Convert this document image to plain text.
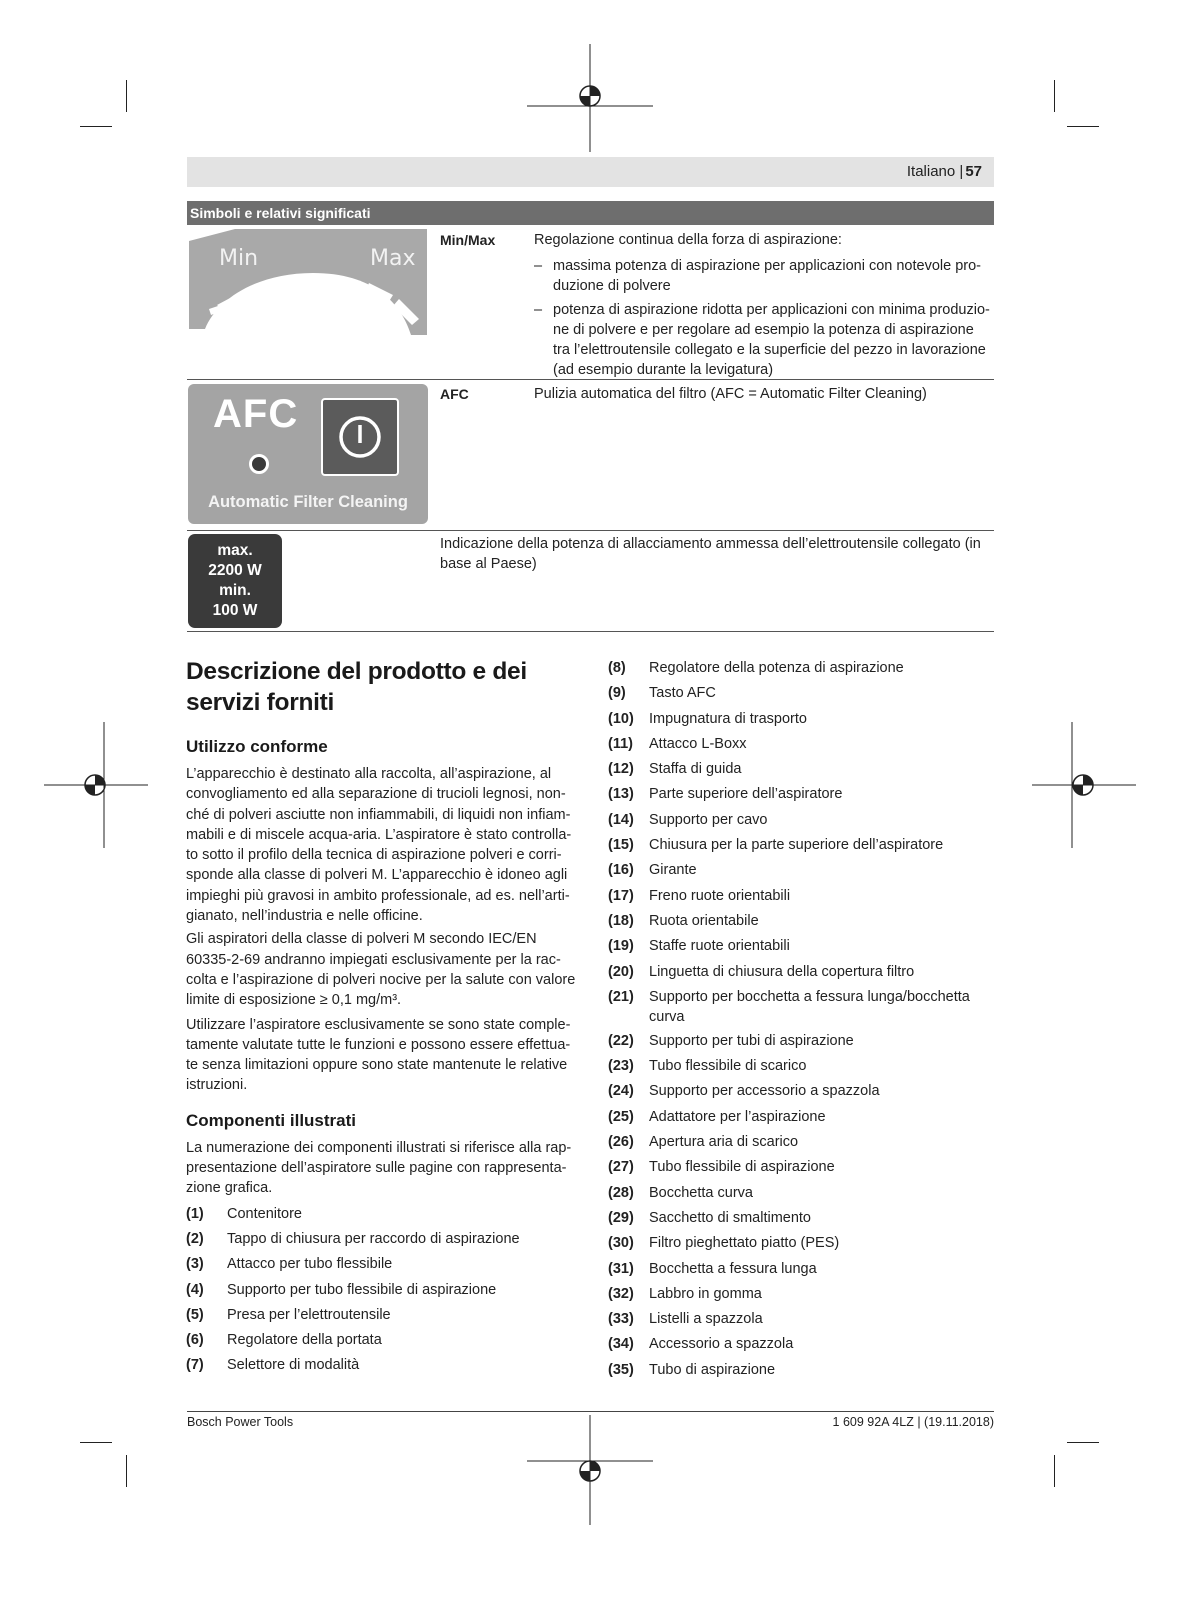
Italiano | 57
Simboli e relativi significati
Min	Max
Min/Max	Regolazione continua della forza di aspirazione:
– massima potenza di aspirazione per applicazioni con notevole pro- duzione di polvere
– potenza di aspirazione ridotta per applicazioni con minima produzio- ne di polvere e per regolare ad esempio la potenza di aspirazione tra l’elettroutensile collegato e la superficie del pezzo in lavorazione (ad esempio durante la levigatura)
AFC
Automatic Filter Cleaning
AFC	Pulizia automatica del filtro (AFC = Automatic Filter Cleaning)
max.
2200 W
min.
100 W
Indicazione della potenza di allacciamento ammessa dell’elettroutensile collegato (in base al Paese)
Descrizione del prodotto e dei servizi forniti
Utilizzo conforme

L’apparecchio è destinato alla raccolta, all’aspirazione, al convogliamento ed alla separazione di trucioli legnosi, non- ché di polveri asciutte non infiammabili, di liquidi non infiam- mabili e di miscele acqua-aria. L’aspiratore è stato controlla- to sotto il profilo della tecnica di aspirazione polveri e corri- sponde alla classe di polveri M. L’apparecchio è idoneo agli impieghi più gravosi in ambito professionale, ad es. nell’arti- gianato, nell’industria e nelle officine.

Gli aspiratori della classe di polveri M secondo IEC/EN 60335-2-69 andranno impiegati esclusivamente per la rac- colta e l’aspirazione di polveri nocive per la salute con valore limite di esposizione ≥ 0,1 mg/m³.

Utilizzare l’aspiratore esclusivamente se sono state comple- tamente valutate tutte le funzioni e possono essere effettua- te senza limitazioni oppure sono state mantenute le relative istruzioni.

Componenti illustrati

La numerazione dei componenti illustrati si riferisce alla rap- presentazione dell’aspiratore sulle pagine con rappresenta- zione grafica.

(1)	Contenitore
(2)	Tappo di chiusura per raccordo di aspirazione
(3)	Attacco per tubo flessibile
(4)	Supporto per tubo flessibile di aspirazione
(5)	Presa per l’elettroutensile
(6)	Regolatore della portata
(7)	Selettore di modalità
(8)	Regolatore della potenza di aspirazione
(9)	Tasto AFC
(10)	Impugnatura di trasporto
(11)	Attacco L-Boxx
(12)	Staffa di guida
(13)	Parte superiore dell’aspiratore
(14)	Supporto per cavo
(15)	Chiusura per la parte superiore dell’aspiratore
(16)	Girante
(17)	Freno ruote orientabili
(18)	Ruota orientabile
(19)	Staffe ruote orientabili
(20)	Linguetta di chiusura della copertura filtro
(21)	Supporto per bocchetta a fessura lunga/bocchetta curva
(22)	Supporto per tubi di aspirazione
(23)	Tubo flessibile di scarico
(24)	Supporto per accessorio a spazzola
(25)	Adattatore per l’aspirazione
(26)	Apertura aria di scarico
(27)	Tubo flessibile di aspirazione
(28)	Bocchetta curva
(29)	Sacchetto di smaltimento
(30)	Filtro pieghettato piatto (PES)
(31)	Bocchetta a fessura lunga
(32)	Labbro in gomma
(33)	Listelli a spazzola
(34)	Accessorio a spazzola
(35)	Tubo di aspirazione
Bosch Power Tools	1 609 92A 4LZ | (19.11.2018)
